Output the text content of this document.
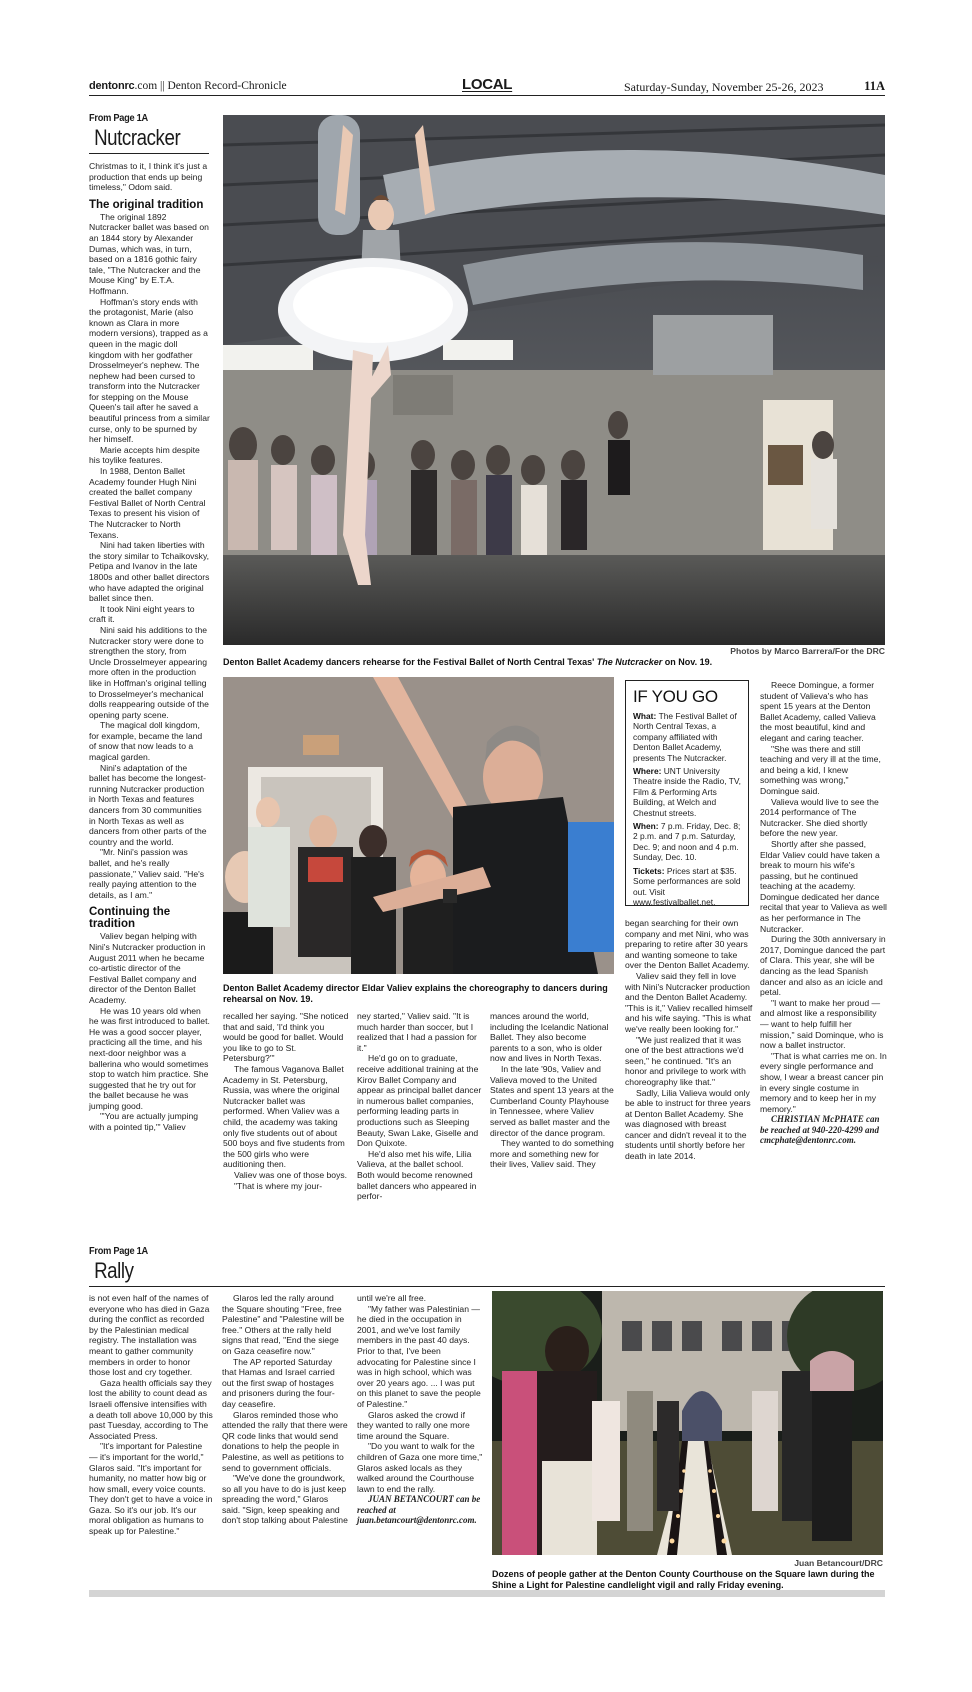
dentonrc.com || Denton Record-Chronicle	LOCAL	Saturday-Sunday, November 25-26, 2023	11A
From Page 1A
Nutcracker

Christmas to it, I think it's just a production that ends up being timeless," Odom said.

The original tradition

The original 1892 Nutcracker ballet was based on an 1844 story by Alexander Dumas, which was, in turn, based on a 1816 gothic fairy tale, "The Nutcracker and the Mouse King" by E.T.A. Hoffmann.

Hoffman's story ends with the protagonist, Marie (also known as Clara in more modern versions), trapped as a queen in the magic doll kingdom with her godfather Drosselmeyer's nephew. The nephew had been cursed to transform into the Nutcracker for stepping on the Mouse Queen's tail after he saved a beautiful princess from a similar curse, only to be spurned by her himself.

Marie accepts him despite his toylike features.

In 1988, Denton Ballet Academy founder Hugh Nini created the ballet company Festival Ballet of North Central Texas to present his vision of The Nutcracker to North Texans.

Nini had taken liberties with the story similar to Tchaikovsky, Petipa and Ivanov in the late 1800s and other ballet directors who have adapted the original ballet since then.

It took Nini eight years to craft it.

Nini said his additions to the Nutcracker story were done to strengthen the story, from Uncle Drosselmeyer appearing more often in the production like in Hoffman's original telling to Drosselmeyer's mechanical dolls reappearing outside of the opening party scene.

The magical doll kingdom, for example, became the land of snow that now leads to a magical garden.

Nini's adaptation of the ballet has become the longest-running Nutcracker production in North Texas and features dancers from 30 communities in North Texas as well as dancers from other parts of the country and the world.

"Mr. Nini's passion was ballet, and he's really passionate," Valiev said. "He's really paying attention to the details, as I am."

Continuing the tradition

Valiev began helping with Nini's Nutcracker production in August 2011 when he became co-artistic director of the Festival Ballet company and director of the Denton Ballet Academy.

He was 10 years old when he was first introduced to ballet. He was a good soccer player, practicing all the time, and his next-door neighbor was a ballerina who would sometimes stop to watch him practice. She suggested that he try out for the ballet because he was jumping good.

"'You are actually jumping with a pointed tip,'" Valiev

Photos by Marco Barrera/For the DRC
Denton Ballet Academy dancers rehearse for the Festival Ballet of North Central Texas' The Nutcracker on Nov. 19.
Denton Ballet Academy director Eldar Valiev explains the choreography to dancers during rehearsal on Nov. 19.

recalled her saying. "She noticed that and said, 'I'd think you would be good for ballet. Would you like to go to St. Petersburg?'"

The famous Vaganova Ballet Academy in St. Petersburg, Russia, was where the original Nutcracker ballet was performed. When Valiev was a child, the academy was taking only five students out of about 500 boys and five students from the 500 girls who were auditioning then.

Valiev was one of those boys.

"That is where my jour-

ney started," Valiev said. "It is much harder than soccer, but I realized that I had a passion for it."

He'd go on to graduate, receive additional training at the Kirov Ballet Company and appear as principal ballet dancer in numerous ballet companies, performing leading parts in productions such as Sleeping Beauty, Swan Lake, Giselle and Don Quixote.

He'd also met his wife, Lilia Valieva, at the ballet school. Both would become renowned ballet dancers who appeared in perfor-

mances around the world, including the Icelandic National Ballet. They also become parents to a son, who is older now and lives in North Texas.

In the late '90s, Valiev and Valieva moved to the United States and spent 13 years at the Cumberland County Playhouse in Tennessee, where Valiev served as ballet master and the director of the dance program.

They wanted to do something more and something new for their lives, Valiev said. They

IF YOU GO
What: The Festival Ballet of North Central Texas, a company affiliated with Denton Ballet Academy, presents The Nutcracker.
Where: UNT University Theatre inside the Radio, TV, Film & Performing Arts Building, at Welch and Chestnut streets.
When: 7 p.m. Friday, Dec. 8; 2 p.m. and 7 p.m. Saturday, Dec. 9; and noon and 4 p.m. Sunday, Dec. 10.
Tickets: Prices start at $35. Some performances are sold out. Visit www.festivalballet.net.

began searching for their own company and met Nini, who was preparing to retire after 30 years and wanting someone to take over the Denton Ballet Academy.

Valiev said they fell in love with Nini's Nutcracker production and the Denton Ballet Academy. "This is it," Valiev recalled himself and his wife saying. "This is what we've really been looking for."

"We just realized that it was one of the best attractions we'd seen," he continued. "It's an honor and privilege to work with choreography like that."

Sadly, Lilia Valieva would only be able to instruct for three years at Denton Ballet Academy. She was diagnosed with breast cancer and didn't reveal it to the students until shortly before her death in late 2014.

Reece Domingue, a former student of Valieva's who has spent 15 years at the Denton Ballet Academy, called Valieva the most beautiful, kind and elegant and caring teacher.

"She was there and still teaching and very ill at the time, and being a kid, I knew something was wrong," Domingue said.

Valieva would live to see the 2014 performance of The Nutcracker. She died shortly before the new year.

Shortly after she passed, Eldar Valiev could have taken a break to mourn his wife's passing, but he continued teaching at the academy. Domingue dedicated her dance recital that year to Valieva as well as her performance in The Nutcracker.

During the 30th anniversary in 2017, Domingue danced the part of Clara. This year, she will be dancing as the lead Spanish dancer and also as an icicle and petal.

"I want to make her proud — and almost like a responsibility — want to help fulfill her mission," said Dominque, who is now a ballet instructor.

"That is what carries me on. In every single performance and show, I wear a breast cancer pin in every single costume in memory and to keep her in my memory."

CHRISTIAN McPHATE can be reached at 940-220-4299 and cmcphate@dentonrc.com.

From Page 1A
Rally

is not even half of the names of everyone who has died in Gaza during the conflict as recorded by the Palestinian medical registry. The installation was meant to gather community members in order to honor those lost and cry together.

Gaza health officials say they lost the ability to count dead as Israeli offensive intensifies with a death toll above 10,000 by this past Tuesday, according to The Associated Press.

"It's important for Palestine — it's important for the world," Glaros said. "It's important for humanity, no matter how big or how small, every voice counts. They don't get to have a voice in Gaza. So it's our job. It's our moral obligation as humans to speak up for Palestine."

Glaros led the rally around the Square shouting "Free, free Palestine" and "Palestine will be free." Others at the rally held signs that read, "End the siege on Gaza ceasefire now."

The AP reported Saturday that Hamas and Israel carried out the first swap of hostages and prisoners during the four-day ceasefire.

Glaros reminded those who attended the rally that there were QR code links that would send donations to help the people in Palestine, as well as petitions to send to government officials.

"We've done the groundwork, so all you have to do is just keep spreading the word," Glaros said. "Sign, keep speaking and don't stop talking about Palestine

until we're all free.

"My father was Palestinian — he died in the occupation in 2001, and we've lost family members in the past 40 days. Prior to that, I've been advocating for Palestine since I was in high school, which was over 20 years ago. ... I was put on this planet to save the people of Palestine."

Glaros asked the crowd if they wanted to rally one more time around the Square.

"Do you want to walk for the children of Gaza one more time," Glaros asked locals as they walked around the Courthouse lawn to end the rally.

JUAN BETANCOURT can be reached at juan.betancourt@dentonrc.com.

Juan Betancourt/DRC
Dozens of people gather at the Denton County Courthouse on the Square lawn during the Shine a Light for Palestine candlelight vigil and rally Friday evening.
